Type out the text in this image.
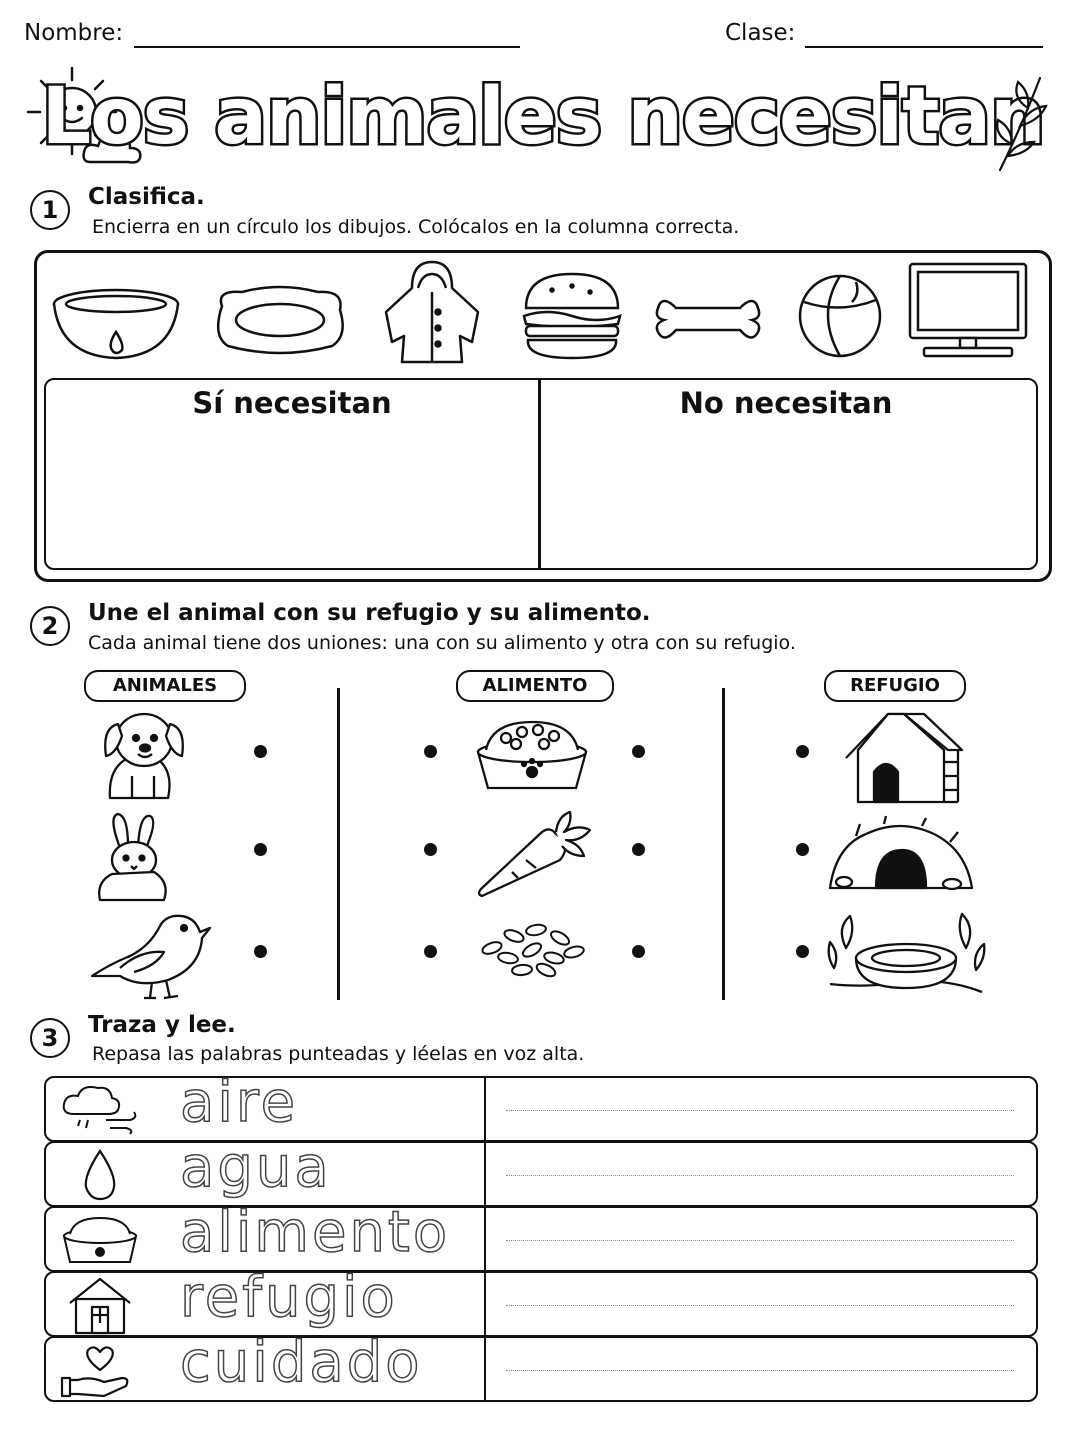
Nombre:	Clase:
Los animales necesitan
1	Clasifica.
Encierra en un círculo los dibujos. Colócalos en la columna correcta.
Sí necesitan	No necesitan
2	Une el animal con su refugio y su alimento.
Cada animal tiene dos uniones: una con su alimento y otra con su refugio.
ANIMALES	ALIMENTO	REFUGIO
3	Traza y lee.
Repasa las palabras punteadas y léelas en voz alta.
aire
agua
alimento
refugio
cuidado
